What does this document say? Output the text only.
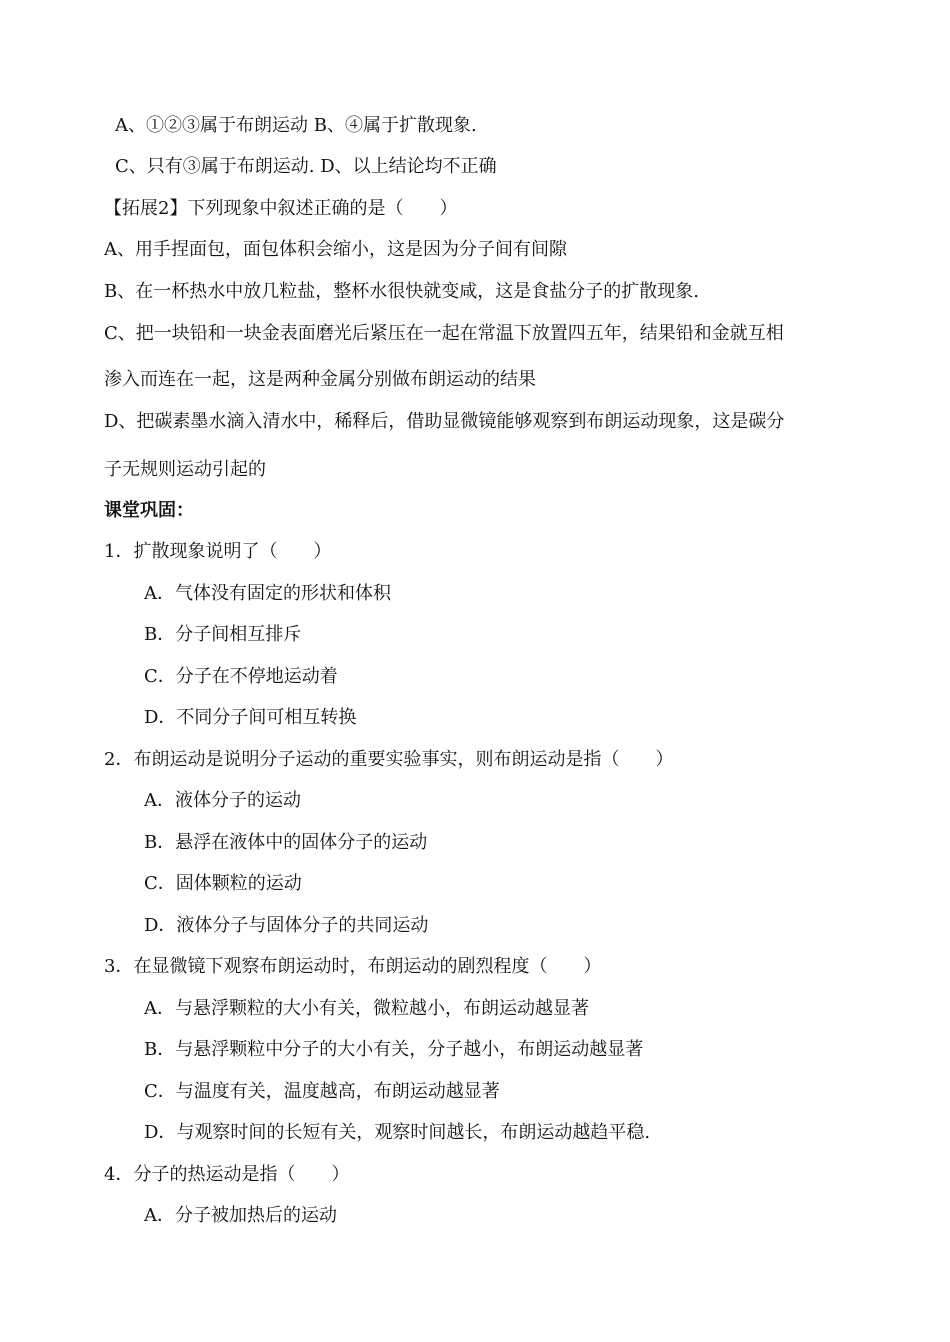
A、①②③属于布朗运动 B、④属于扩散现象.
C、只有③属于布朗运动. D、以上结论均不正确
【拓展2】下列现象中叙述正确的是（　　）
A、用手捏面包，面包体积会缩小，这是因为分子间有间隙
B、在一杯热水中放几粒盐，整杯水很快就变咸，这是食盐分子的扩散现象.
C、把一块铅和一块金表面磨光后紧压在一起在常温下放置四五年，结果铅和金就互相
渗入而连在一起，这是两种金属分别做布朗运动的结果
D、把碳素墨水滴入清水中，稀释后，借助显微镜能够观察到布朗运动现象，这是碳分
子无规则运动引起的
课堂巩固：
1．扩散现象说明了（　　）
A．气体没有固定的形状和体积
B．分子间相互排斥
C．分子在不停地运动着
D．不同分子间可相互转换
2．布朗运动是说明分子运动的重要实验事实，则布朗运动是指（　　）
A．液体分子的运动
B．悬浮在液体中的固体分子的运动
C．固体颗粒的运动
D．液体分子与固体分子的共同运动
3．在显微镜下观察布朗运动时，布朗运动的剧烈程度（　　）
A．与悬浮颗粒的大小有关，微粒越小，布朗运动越显著
B．与悬浮颗粒中分子的大小有关，分子越小，布朗运动越显著
C．与温度有关，温度越高，布朗运动越显著
D．与观察时间的长短有关，观察时间越长，布朗运动越趋平稳.
4．分子的热运动是指（　　）
A．分子被加热后的运动
